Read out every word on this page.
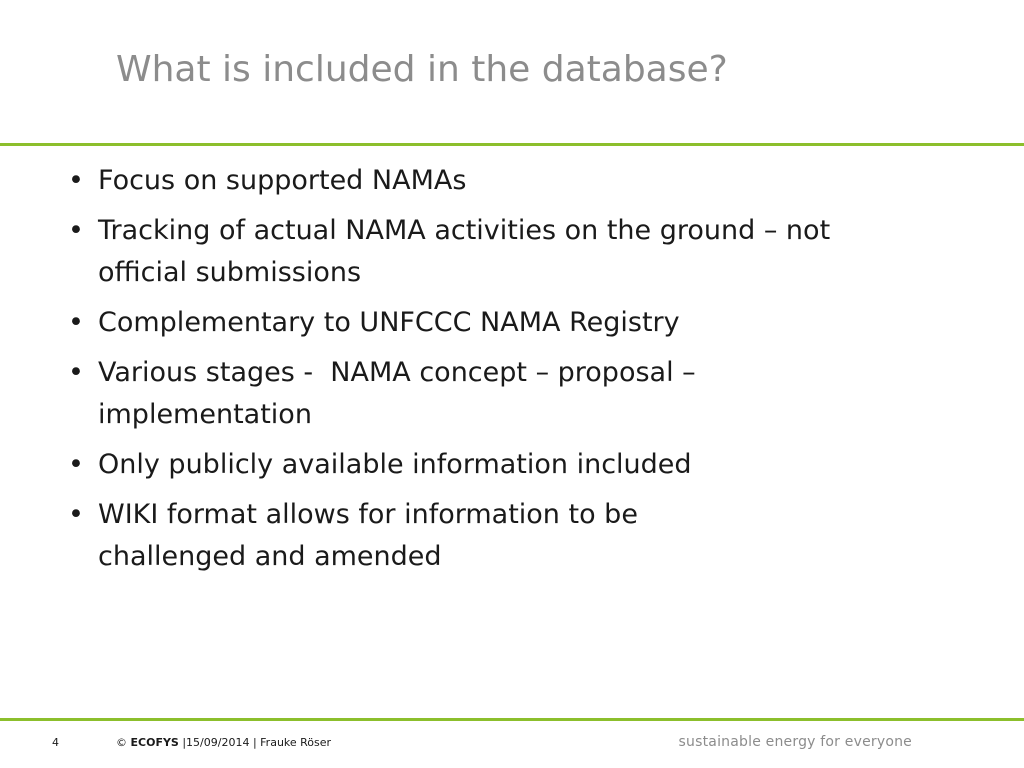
What is included in the database?
• Focus on supported NAMAs
• Tracking of actual NAMA activities on the ground – not official submissions
• Complementary to UNFCCC NAMA Registry
• Various stages -  NAMA concept – proposal – implementation
• Only publicly available information included
• WIKI format allows for information to be challenged and amended
4	© ECOFYS |15/09/2014 | Frauke Röser	sustainable energy for everyone
